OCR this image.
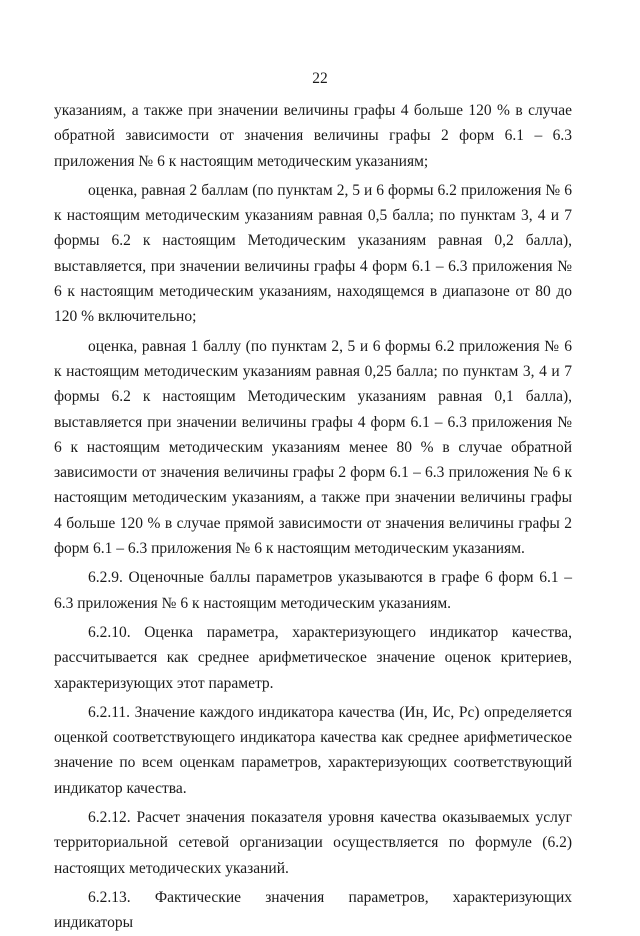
22

указаниям, а также при значении величины графы 4 больше 120 % в случае обратной зависимости от значения величины графы 2 форм 6.1 – 6.3 приложения № 6 к настоящим методическим указаниям;

оценка, равная 2 баллам (по пунктам 2, 5 и 6 формы 6.2 приложения № 6 к настоящим методическим указаниям равная 0,5 балла; по пунктам 3, 4 и 7 формы 6.2 к настоящим Методическим указаниям равная 0,2 балла), выставляется, при значении величины графы 4 форм 6.1 – 6.3 приложения № 6 к настоящим методическим указаниям, находящемся в диапазоне от 80 до 120 % включительно;

оценка, равная 1 баллу (по пунктам 2, 5 и 6 формы 6.2 приложения № 6 к настоящим методическим указаниям равная 0,25 балла; по пунктам 3, 4 и 7 формы 6.2 к настоящим Методическим указаниям равная 0,1 балла), выставляется при значении величины графы 4 форм 6.1 – 6.3 приложения № 6 к настоящим методическим указаниям менее 80 % в случае обратной зависимости от значения величины графы 2 форм 6.1 – 6.3 приложения № 6 к настоящим методическим указаниям, а также при значении величины графы 4 больше 120 % в случае прямой зависимости от значения величины графы 2 форм 6.1 – 6.3 приложения № 6 к настоящим методическим указаниям.

6.2.9. Оценочные баллы параметров указываются в графе 6 форм 6.1 – 6.3 приложения № 6 к настоящим методическим указаниям.

6.2.10. Оценка параметра, характеризующего индикатор качества, рассчитывается как среднее арифметическое значение оценок критериев, характеризующих этот параметр.

6.2.11. Значение каждого индикатора качества (Ин, Ис, Рс) определяется оценкой соответствующего индикатора качества как среднее арифметическое значение по всем оценкам параметров, характеризующих соответствующий индикатор качества.

6.2.12. Расчет значения показателя уровня качества оказываемых услуг территориальной сетевой организации осуществляется по формуле (6.2) настоящих методических указаний.

6.2.13. Фактические значения параметров, характеризующих индикаторы
